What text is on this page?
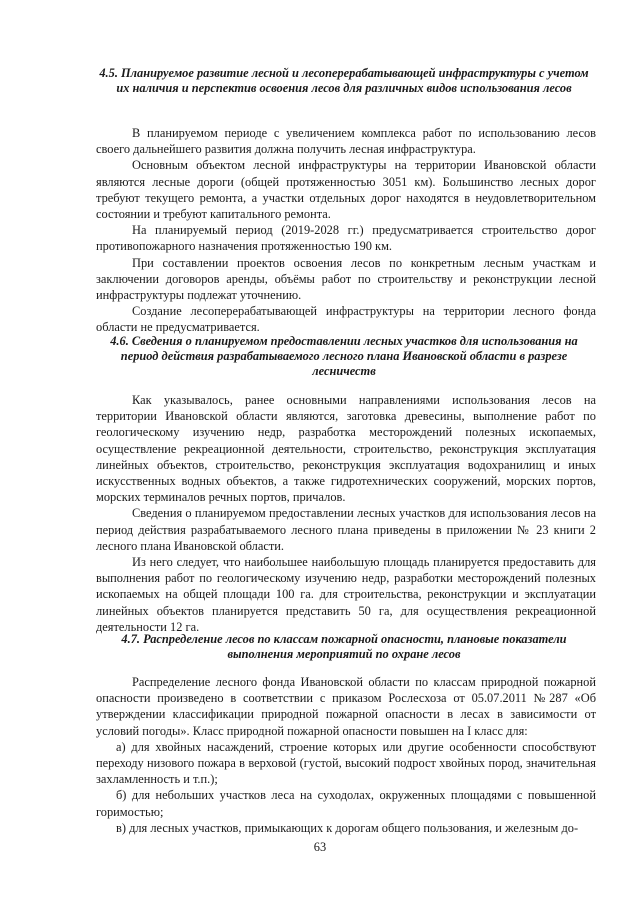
4.5. Планируемое развитие лесной и лесоперерабатывающей инфраструктуры с учетом их наличия и перспектив освоения лесов для различных видов использования лесов

В планируемом периоде с увеличением комплекса работ по использованию лесов своего дальнейшего развития должна получить лесная инфраструктура.

Основным объектом лесной инфраструктуры на территории Ивановской области являются лесные дороги (общей протяженностью 3051 км). Большинство лесных дорог требуют текущего ремонта, а участки отдельных дорог находятся в неудовлетворительном состоянии и требуют капитального ремонта.

На планируемый период (2019-2028 гг.) предусматривается строительство дорог противопожарного назначения протяженностью 190 км.

При составлении проектов освоения лесов по конкретным лесным участкам и заключении договоров аренды, объёмы работ по строительству и реконструкции лесной инфраструктуры подлежат уточнению.

Создание лесоперерабатывающей инфраструктуры на территории лесного фонда области не предусматривается.

4.6. Сведения о планируемом предоставлении лесных участков для использования на период действия разрабатываемого лесного плана Ивановской области в разрезе лесничеств

Как указывалось, ранее основными направлениями использования лесов на территории Ивановской области являются, заготовка древесины, выполнение работ по геологическому изучению недр, разработка месторождений полезных ископаемых, осуществление рекреационной деятельности, строительство, реконструкция эксплуатация линейных объектов, строительство, реконструкция эксплуатация водохранилищ и иных искусственных водных объектов, а также гидротехнических сооружений, морских портов, морских терминалов речных портов, причалов.

Сведения о планируемом предоставлении лесных участков для использования лесов на период действия разрабатываемого лесного плана приведены в приложении № 23 книги 2 лесного плана Ивановской области.

Из него следует, что наибольшее наибольшую площадь планируется предоставить для выполнения работ по геологическому изучению недр, разработки месторождений полезных ископаемых на общей площади 100 га. для строительства, реконструкции и эксплуатации линейных объектов планируется представить 50 га, для осуществления рекреационной деятельности 12 га.

4.7. Распределение лесов по классам пожарной опасности, плановые показатели выполнения мероприятий по охране лесов

Распределение лесного фонда Ивановской области по классам природной пожарной опасности произведено в соответствии с приказом Рослесхоза от 05.07.2011 №287 «Об утверждении классификации природной пожарной опасности в лесах в зависимости от условий погоды». Класс природной пожарной опасности повышен на I класс для:

а) для хвойных насаждений, строение которых или другие особенности способствуют переходу низового пожара в верховой (густой, высокий подрост хвойных пород, значительная захламленность и т.п.);

б) для небольших участков леса на суходолах, окруженных площадями с повышенной горимостью;

в) для лесных участков, примыкающих к дорогам общего пользования, и железным до-

63
